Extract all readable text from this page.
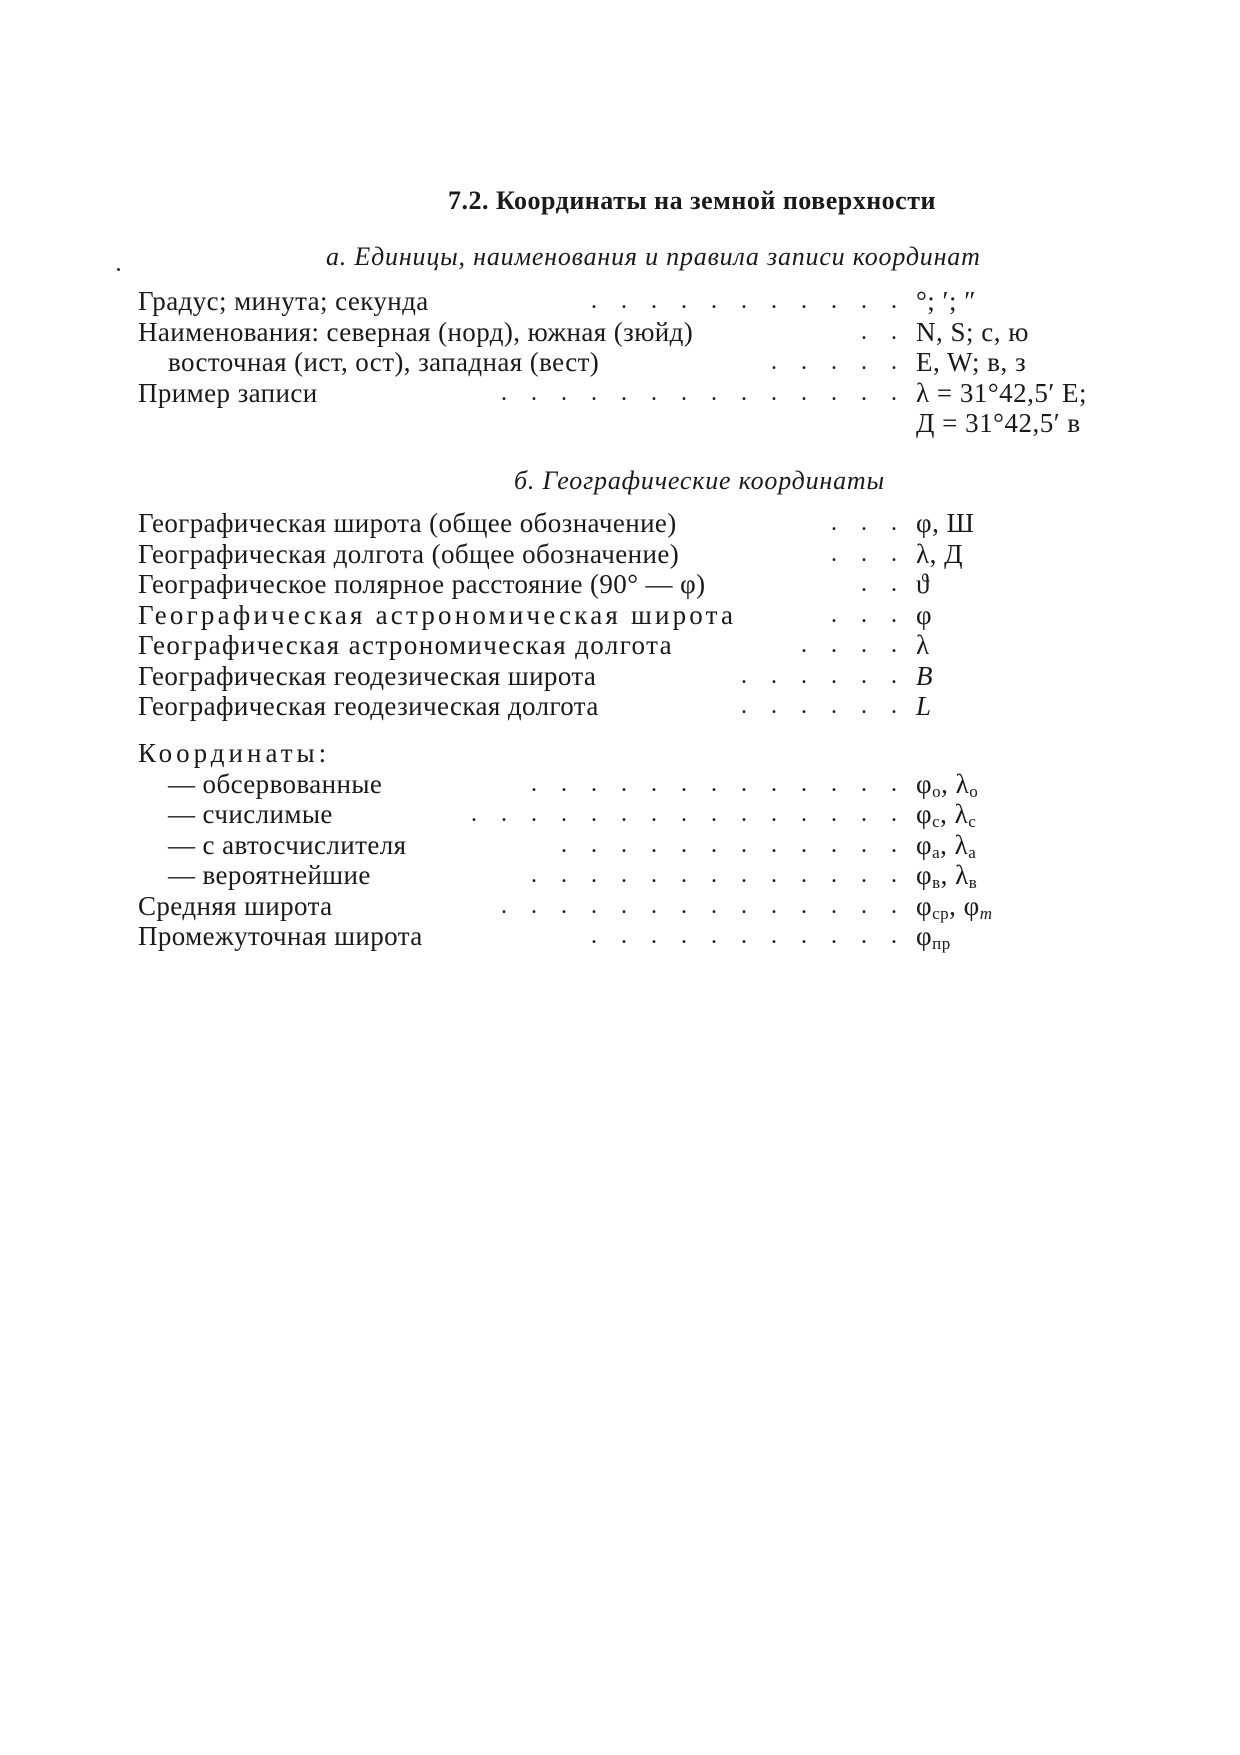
7.2. Координаты на земной поверхности
а. Единицы, наименования и правила записи координат
Градус; минута; секунда	. . . . . . . . . . . °; ′; ″
Наименования: северная (норд), южная (зюйд)	. . N, S; с, ю
восточная (ист, ост), западная (вест)	. . . . . E, W; в, з
Пример записи	. . . . . . . . . . . . . . λ = 31°42,5′ E;
Д = 31°42,5′ в
б. Географические координаты
Географическая широта (общее обозначение)	. . . φ, Ш
Географическая долгота (общее обозначение)	. . . λ, Д
Географическое полярное расстояние (90° — φ)	. . ϑ
Географическая астрономическая широта	. . . φ
Географическая астрономическая долгота	. . . . λ
Географическая геодезическая широта	. . . . . . B
Географическая геодезическая долгота	. . . . . . L
Координаты:
— обсервованные	. . . . . . . . . . . . . $\varphi_о$, $\lambda_о$
— счислимые	. . . . . . . . . . . . . . . $\varphi_с$, $\lambda_с$
— с автосчислителя	. . . . . . . . . . . . $\varphi_а$, $\lambda_а$
— вероятнейшие	. . . . . . . . . . . . . $\varphi_в$, $\lambda_в$
Средняя широта	. . . . . . . . . . . . . . $\varphi_{ср}$, $\varphi_m$
Промежуточная широта	. . . . . . . . . . . $\varphi_{пр}$
